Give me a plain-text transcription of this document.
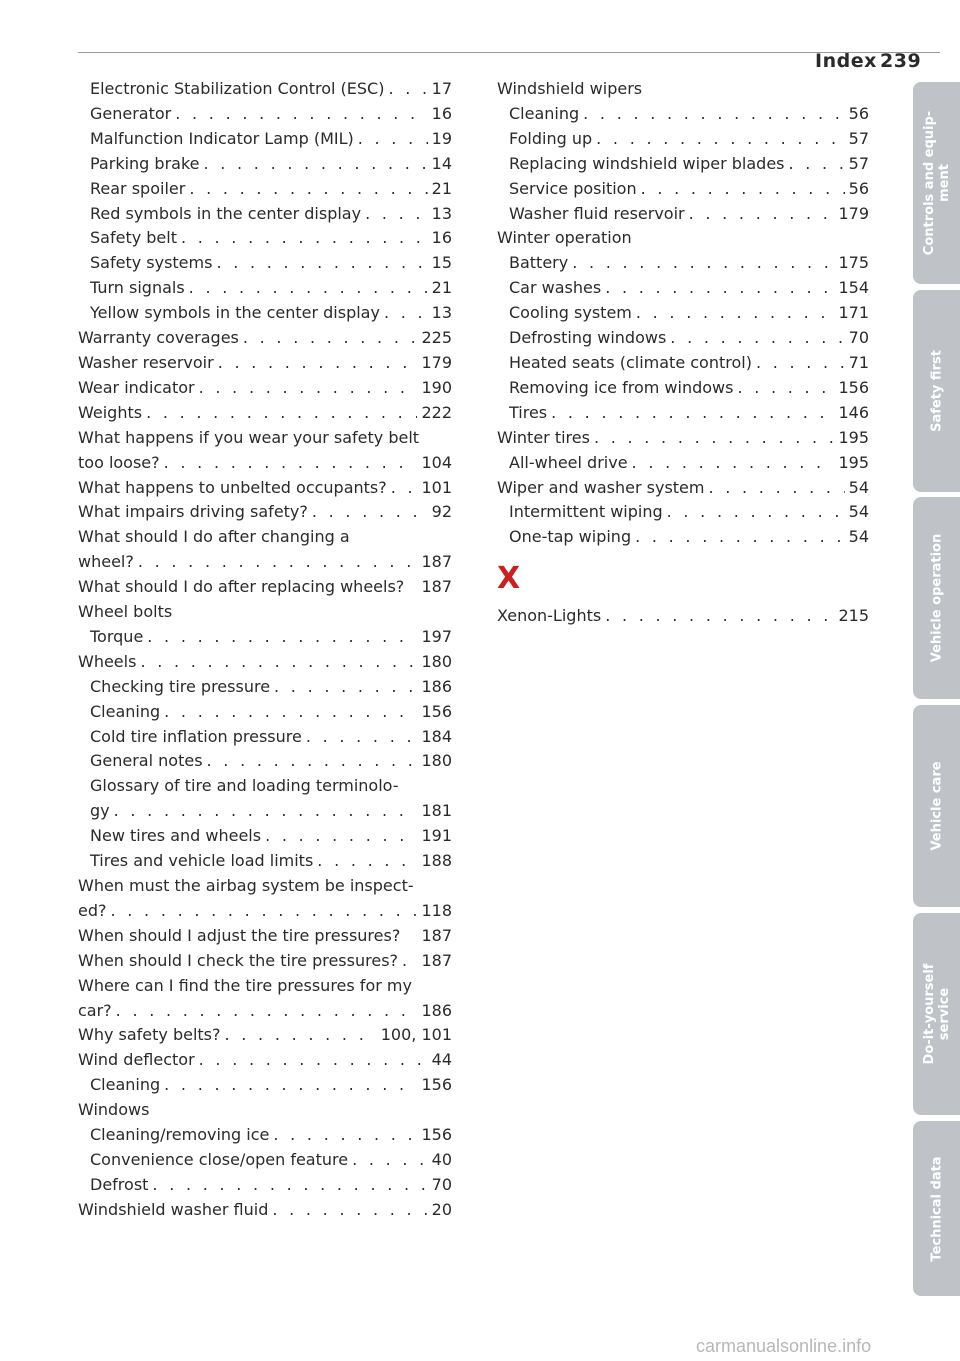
Index 239
Electronic Stabilization Control (ESC) . . .	17
Generator . . .	16
Malfunction Indicator Lamp (MIL) . . .	19
Parking brake . . .	14
Rear spoiler . . .	21
Red symbols in the center display . . .	13
Safety belt . . .	16
Safety systems . . .	15
Turn signals . . .	21
Yellow symbols in the center display . . .	13
Warranty coverages . . .	225
Washer reservoir . . .	179
Wear indicator . . .	190
Weights . . .	222
What happens if you wear your safety belt
too loose? . . .	104
What happens to unbelted occupants? . . . 101
What impairs driving safety? . . .	92
What should I do after changing a
wheel? . . .	187
What should I do after replacing wheels? 187
Wheel bolts
Torque . . .	197
Wheels . . .	180
Checking tire pressure . . .	186
Cleaning . . .	156
Cold tire inflation pressure . . .	184
General notes . . .	180
Glossary of tire and loading terminolo-
gy . . .	181
New tires and wheels . . .	191
Tires and vehicle load limits . . .	188
When must the airbag system be inspect-
ed? . . .	118
When should I adjust the tire pressures? 187
When should I check the tire pressures? . . . 187
Where can I find the tire pressures for my
car? . . .	186
Why safety belts? . . .	100, 101
Wind deflector . . .	44
Cleaning . . .	156
Windows
Cleaning/removing ice . . .	156
Convenience close/open feature . . .	40
Defrost . . .	70
Windshield washer fluid . . .	20
Windshield wipers
Cleaning . . .	56
Folding up . . .	57
Replacing windshield wiper blades . . .	57
Service position . . .	56
Washer fluid reservoir . . .	179
Winter operation
Battery . . .	175
Car washes . . .	154
Cooling system . . .	171
Defrosting windows . . .	70
Heated seats (climate control) . . .	71
Removing ice from windows . . .	156
Tires . . .	146
Winter tires . . .	195
All-wheel drive . . .	195
Wiper and washer system . . .	54
Intermittent wiping . . .	54
One-tap wiping . . .	54
X
Xenon-Lights . . .	215
Controls and equip-
ment
Safety first
Vehicle operation
Vehicle care
Do-it-yourself
service
Technical data
carmanualsonline.info
